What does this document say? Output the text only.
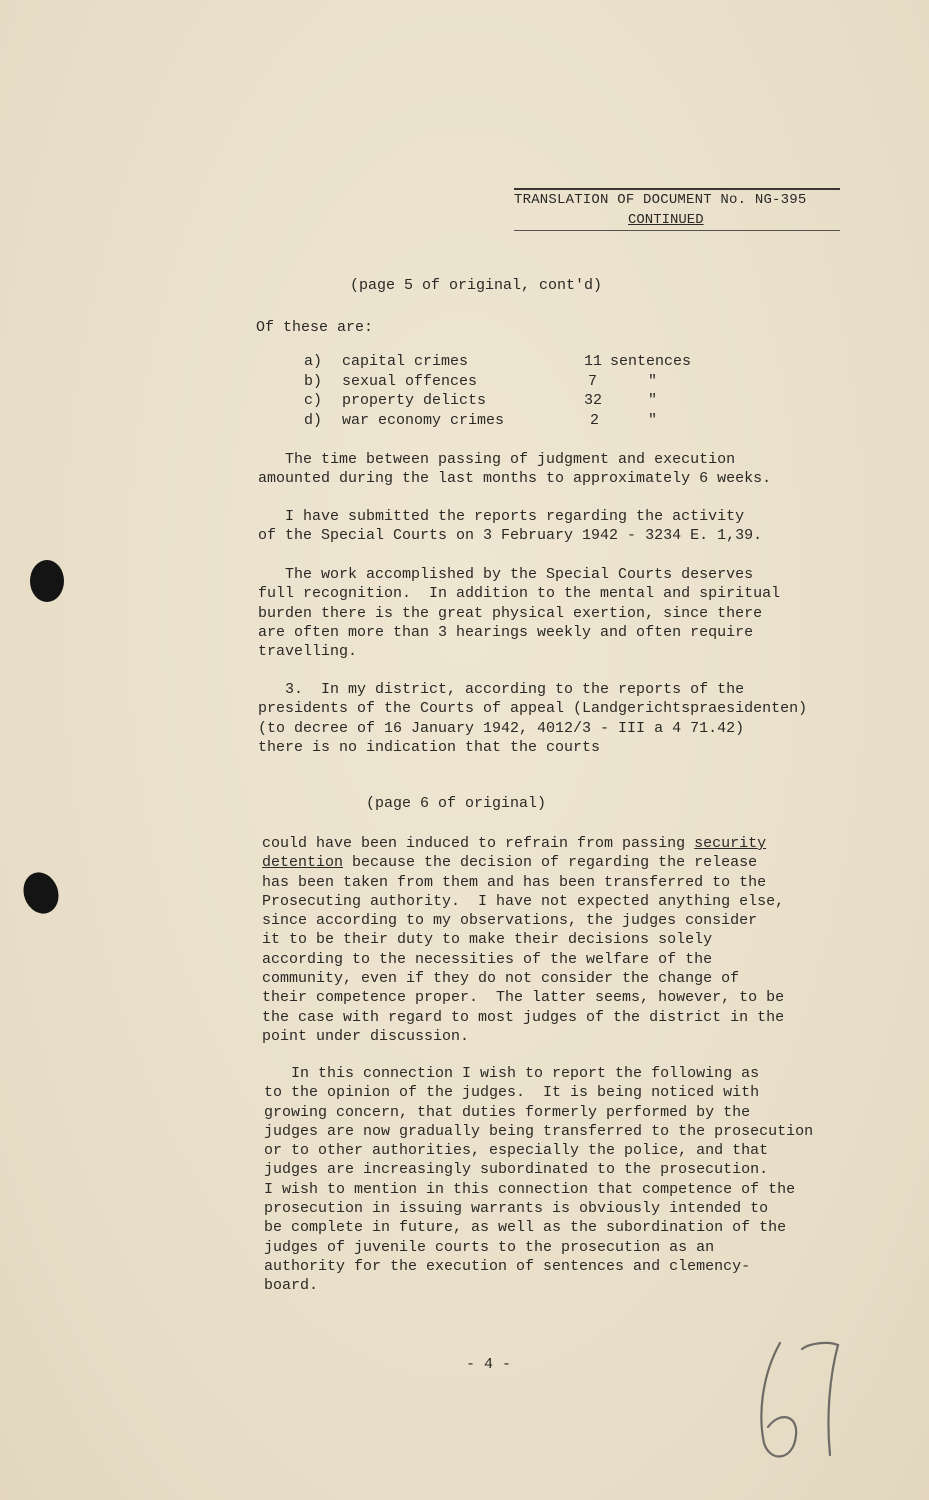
TRANSLATION OF DOCUMENT No. NG-395
CONTINUED
(page 5 of original, cont'd)
Of these are:
a) capital crimes	11 sentences
b) sexual offences	7	"
c) property delicts	32	"
d) war economy crimes	2	"
The time between passing of judgment and execution
amounted during the last months to approximately 6 weeks.
I have submitted the reports regarding the activity
of the Special Courts on 3 February 1942 - 3234 E. 1,39.
The work accomplished by the Special Courts deserves
full recognition.  In addition to the mental and spiritual
burden there is the great physical exertion, since there
are often more than 3 hearings weekly and often require
travelling.
3.  In my district, according to the reports of the
presidents of the Courts of appeal (Landgerichtspraesidenten)
(to decree of 16 January 1942, 4012/3 - III a 4 71.42)
there is no indication that the courts
(page 6 of original)
could have been induced to refrain from passing security
detention because the decision of regarding the release
has been taken from them and has been transferred to the
Prosecuting authority.  I have not expected anything else,
since according to my observations, the judges consider
it to be their duty to make their decisions solely
according to the necessities of the welfare of the
community, even if they do not consider the change of
their competence proper.  The latter seems, however, to be
the case with regard to most judges of the district in the
point under discussion.
In this connection I wish to report the following as
to the opinion of the judges.  It is being noticed with
growing concern, that duties formerly performed by the
judges are now gradually being transferred to the prosecution
or to other authorities, especially the police, and that
judges are increasingly subordinated to the prosecution.
I wish to mention in this connection that competence of the
prosecution in issuing warrants is obviously intended to
be complete in future, as well as the subordination of the
judges of juvenile courts to the prosecution as an
authority for the execution of sentences and clemency-
board.
- 4 -
